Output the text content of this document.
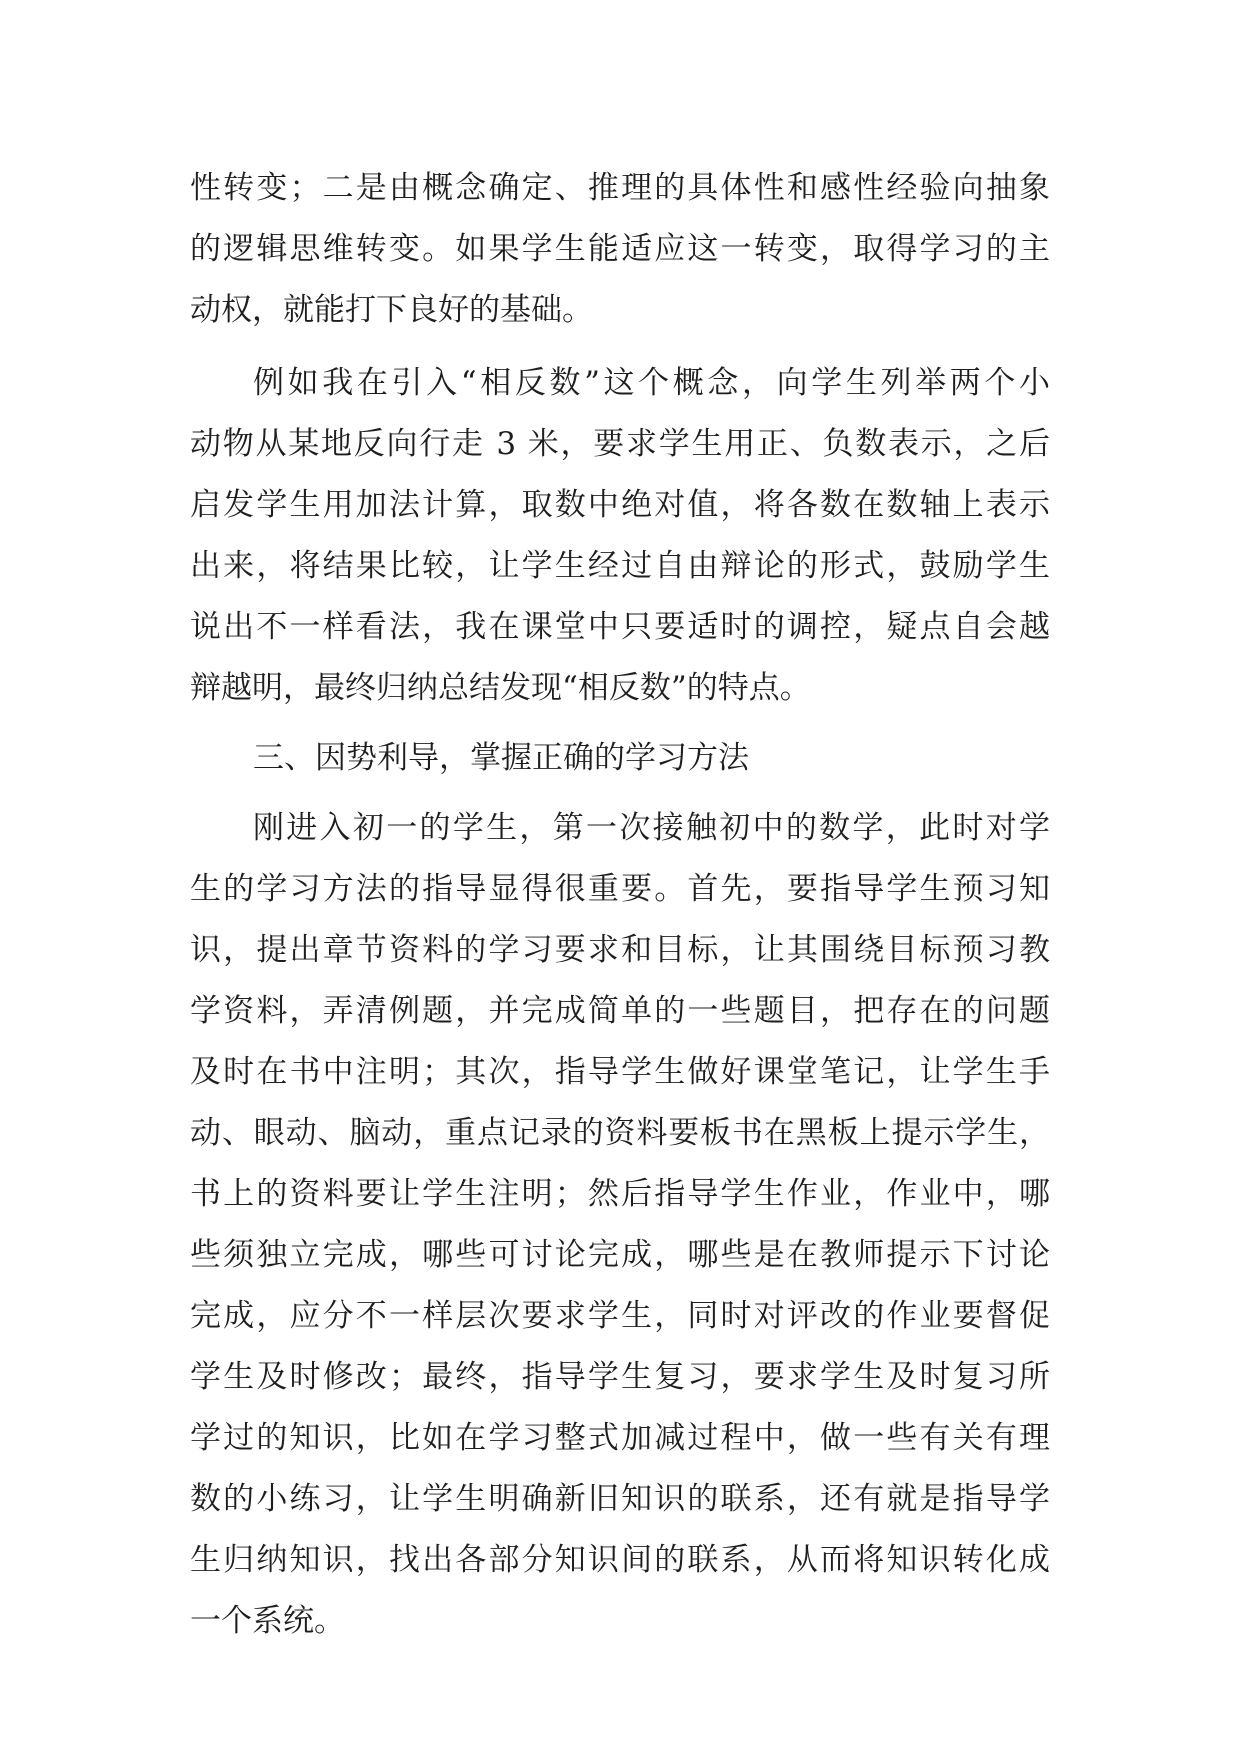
性转变；二是由概念确定、推理的具体性和感性经验向抽象
的逻辑思维转变。如果学生能适应这一转变，取得学习的主
动权，就能打下良好的基础。
例如我在引入“相反数”这个概念，向学生列举两个小
动物从某地反向行走 3 米，要求学生用正、负数表示，之后
启发学生用加法计算，取数中绝对值，将各数在数轴上表示
出来，将结果比较，让学生经过自由辩论的形式，鼓励学生
说出不一样看法，我在课堂中只要适时的调控，疑点自会越
辩越明，最终归纳总结发现“相反数”的特点。
三、因势利导，掌握正确的学习方法
刚进入初一的学生，第一次接触初中的数学，此时对学
生的学习方法的指导显得很重要。首先，要指导学生预习知
识，提出章节资料的学习要求和目标，让其围绕目标预习教
学资料，弄清例题，并完成简单的一些题目，把存在的问题
及时在书中注明；其次，指导学生做好课堂笔记，让学生手
动、眼动、脑动，重点记录的资料要板书在黑板上提示学生，
书上的资料要让学生注明；然后指导学生作业，作业中，哪
些须独立完成，哪些可讨论完成，哪些是在教师提示下讨论
完成，应分不一样层次要求学生，同时对评改的作业要督促
学生及时修改；最终，指导学生复习，要求学生及时复习所
学过的知识，比如在学习整式加减过程中，做一些有关有理
数的小练习，让学生明确新旧知识的联系，还有就是指导学
生归纳知识，找出各部分知识间的联系，从而将知识转化成
一个系统。
